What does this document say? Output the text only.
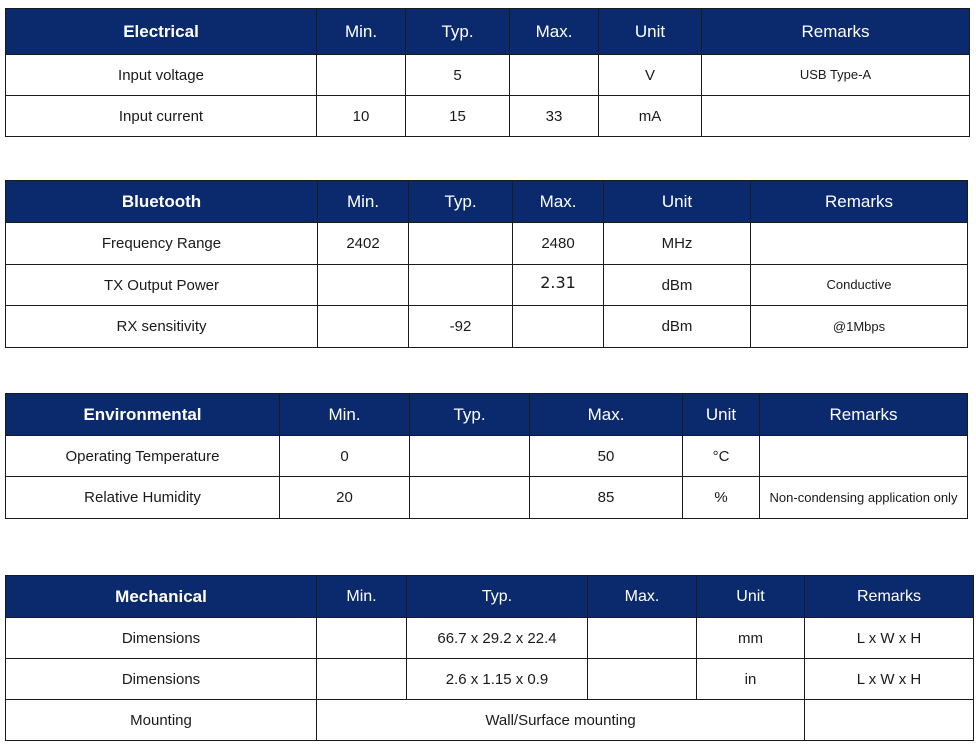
Electrical	Min.	Typ.	Max.	Unit	Remarks
Input voltage		5		V	USB Type-A
Input current	10	15	33	mA	
Bluetooth	Min.	Typ.	Max.	Unit	Remarks
Frequency Range	2402		2480	MHz	
TX Output Power			2.31	dBm	Conductive
RX sensitivity		-92		dBm	@1Mbps
Environmental	Min.	Typ.	Max.	Unit	Remarks
Operating Temperature	0		50	°C	
Relative Humidity	20		85	%	Non-condensing application only
Mechanical	Min.	Typ.	Max.	Unit	Remarks
Dimensions		66.7 x 29.2 x 22.4		mm	L x W x H
Dimensions		2.6 x 1.15 x 0.9		in	L x W x H
Mounting	Wall/Surface mounting				
